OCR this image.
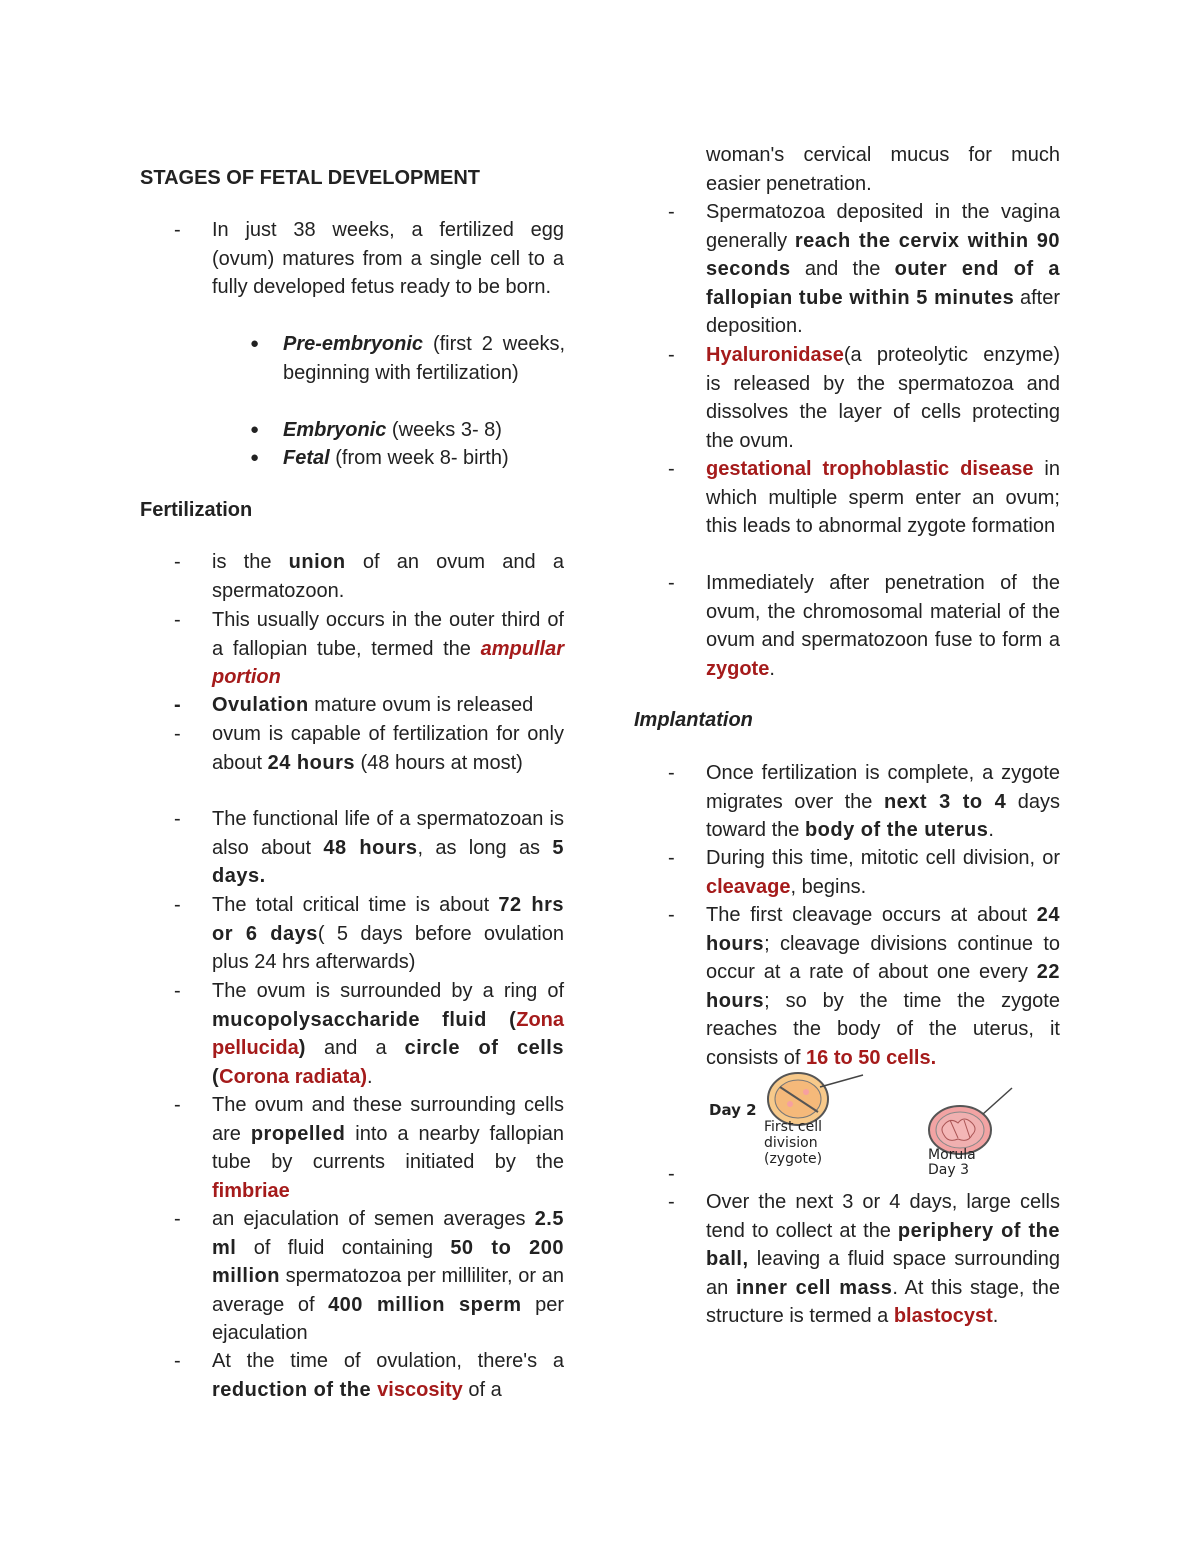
STAGES OF FETAL DEVELOPMENT
-	In just 38 weeks, a fertilized egg (ovum) matures from a single cell to a fully developed fetus ready to be born.
● Pre-embryonic (first 2 weeks, beginning with fertilization)
● Embryonic (weeks 3- 8)
● Fetal (from week 8- birth)
Fertilization
-	is the union of an ovum and a spermatozoon.
-	This usually occurs in the outer third of a fallopian tube, termed the ampullar portion
-	Ovulation mature ovum is released
-	ovum is capable of fertilization for only about 24 hours (48 hours at most)
-	The functional life of a spermatozoan is also about 48 hours, as long as 5 days.
-	The total critical time is about 72 hrs or 6 days( 5 days before ovulation plus 24 hrs afterwards)
-	The ovum is surrounded by a ring of mucopolysaccharide fluid (Zona pellucida) and a circle of cells (Corona radiata).
-	The ovum and these surrounding cells are propelled into a nearby fallopian tube by currents initiated by the fimbriae
-	an ejaculation of semen averages 2.5 ml of fluid containing 50 to 200 million spermatozoa per milliliter, or an average of 400 million sperm per ejaculation
-	At the time of ovulation, there's a reduction of the viscosity of a
woman's cervical mucus for much easier penetration.
-	Spermatozoa deposited in the vagina generally reach the cervix within 90 seconds and the outer end of a fallopian tube within 5 minutes after deposition.
-	Hyaluronidase(a proteolytic enzyme) is released by the spermatozoa and dissolves the layer of cells protecting the ovum.
-	gestational trophoblastic disease in which multiple sperm enter an ovum; this leads to abnormal zygote formation
-	Immediately after penetration of the ovum, the chromosomal material of the ovum and spermatozoon fuse to form a zygote.
Implantation
-	Once fertilization is complete, a zygote migrates over the next 3 to 4 days toward the body of the uterus.
-	During this time, mitotic cell division, or cleavage, begins.
-	The first cleavage occurs at about 24 hours; cleavage divisions continue to occur at a rate of about one every 22 hours; so by the time the zygote reaches the body of the uterus, it consists of 16 to 50 cells.
-
-	Over the next 3 or 4 days, large cells tend to collect at the periphery of the ball, leaving a fluid space surrounding an inner cell mass. At this stage, the structure is termed a blastocyst.
Day 2
First cell
division
(zygote)	Morula
Day 3
